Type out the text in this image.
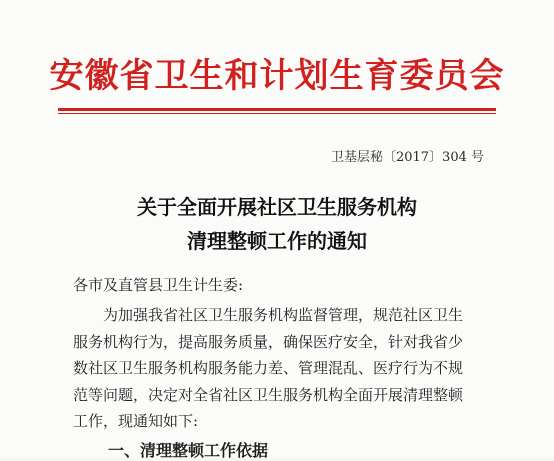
安徽省卫生和计划生育委员会
卫基层秘〔2017〕304 号
关于全面开展社区卫生服务机构
清理整顿工作的通知
各市及直管县卫生计生委:
　　为加强我省社区卫生服务机构监督管理，规范社区卫生
服务机构行为，提高服务质量，确保医疗安全，针对我省少
数社区卫生服务机构服务能力差、管理混乱、医疗行为不规
范等问题，决定对全省社区卫生服务机构全面开展清理整顿
工作，现通知如下:
一、清理整顿工作依据
